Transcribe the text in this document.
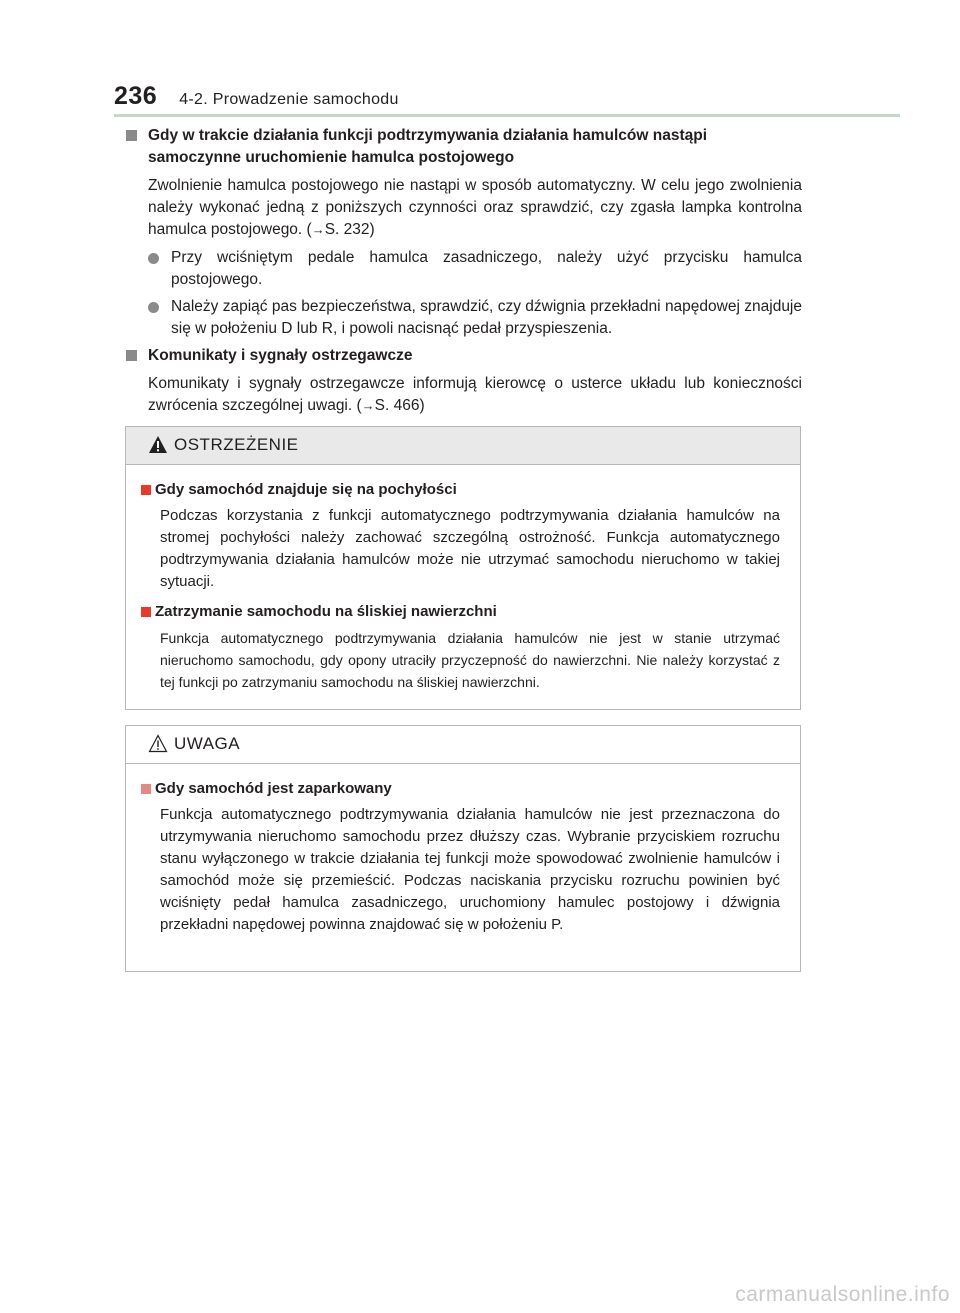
236 4-2. Prowadzenie samochodu
Gdy w trakcie działania funkcji podtrzymywania działania hamulców nastąpi samoczynne uruchomienie hamulca postojowego
Zwolnienie hamulca postojowego nie nastąpi w sposób automatyczny. W celu jego zwolnienia należy wykonać jedną z poniższych czynności oraz sprawdzić, czy zgasła lampka kontrolna hamulca postojowego. (→S. 232)
Przy wciśniętym pedale hamulca zasadniczego, należy użyć przycisku hamulca postojowego.
Należy zapiąć pas bezpieczeństwa, sprawdzić, czy dźwignia przekładni napędowej znajduje się w położeniu D lub R, i powoli nacisnąć pedał przyspieszenia.
Komunikaty i sygnały ostrzegawcze
Komunikaty i sygnały ostrzegawcze informują kierowcę o usterce układu lub konieczności zwrócenia szczególnej uwagi. (→S. 466)
OSTRZEŻENIE
Gdy samochód znajduje się na pochyłości
Podczas korzystania z funkcji automatycznego podtrzymywania działania hamulców na stromej pochyłości należy zachować szczególną ostrożność. Funkcja automatycznego podtrzymywania działania hamulców może nie utrzymać samochodu nieruchomo w takiej sytuacji.
Zatrzymanie samochodu na śliskiej nawierzchni
Funkcja automatycznego podtrzymywania działania hamulców nie jest w stanie utrzymać nieruchomo samochodu, gdy opony utraciły przyczepność do nawierzchni. Nie należy korzystać z tej funkcji po zatrzymaniu samochodu na śliskiej nawierzchni.
UWAGA
Gdy samochód jest zaparkowany
Funkcja automatycznego podtrzymywania działania hamulców nie jest przeznaczona do utrzymywania nieruchomo samochodu przez dłuższy czas. Wybranie przyciskiem rozruchu stanu wyłączonego w trakcie działania tej funkcji może spowodować zwolnienie hamulców i samochód może się przemieścić. Podczas naciskania przycisku rozruchu powinien być wciśnięty pedał hamulca zasadniczego, uruchomiony hamulec postojowy i dźwignia przekładni napędowej powinna znajdować się w położeniu P.
carmanualsonline.info
